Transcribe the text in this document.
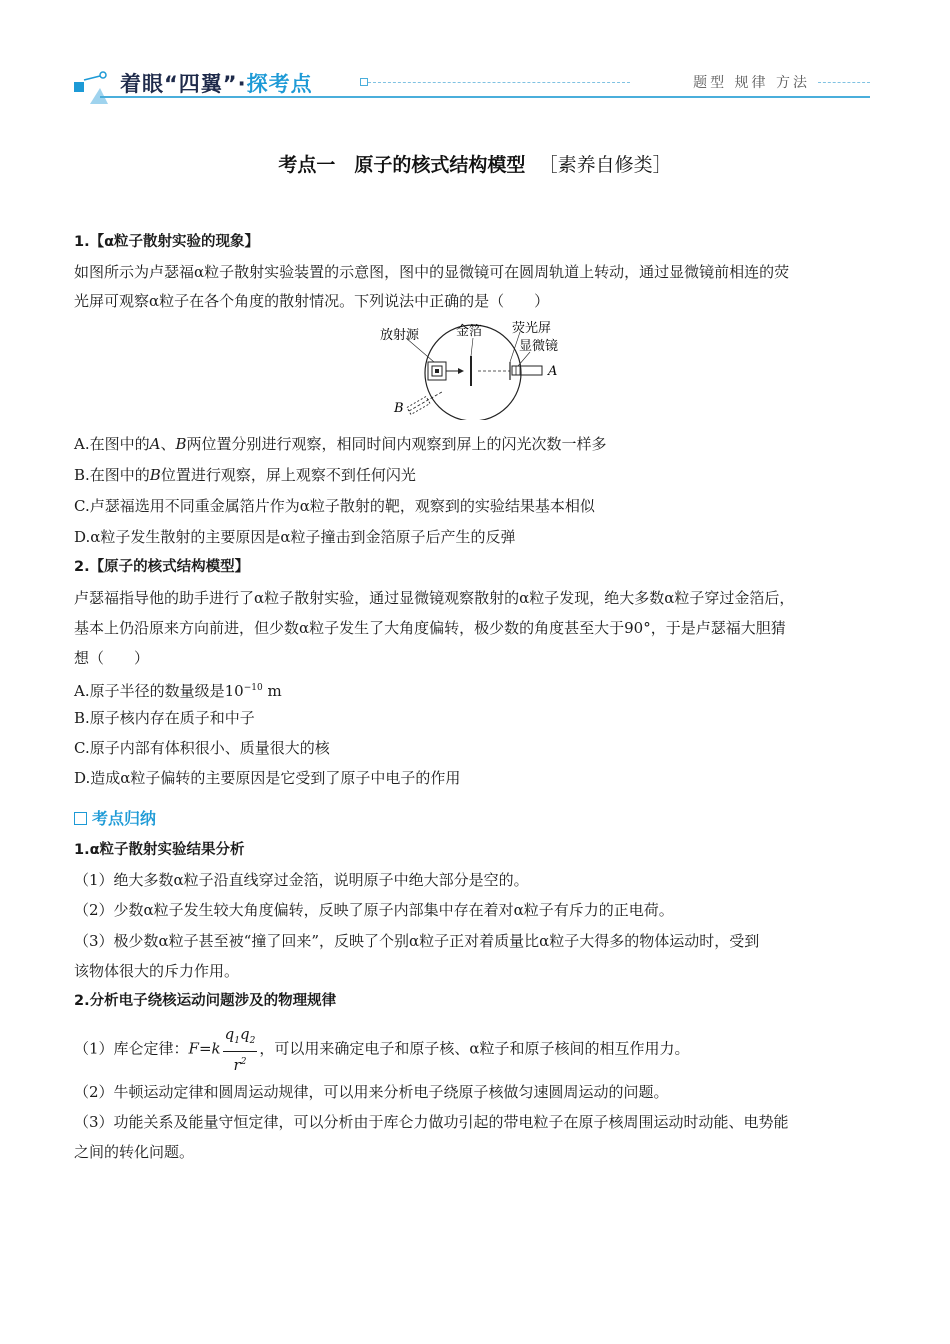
着眼“四翼”·探考点	题型 规律 方法
考点一　原子的核式结构模型 ［素养自修类］
1.【α粒子散射实验的现象】
如图所示为卢瑟福α粒子散射实验装置的示意图，图中的显微镜可在圆周轨道上转动，通过显微镜前相连的荧
光屏可观察α粒子在各个角度的散射情况。下列说法中正确的是（　　）
放射源	金箔 荧光屏
显微镜
A
B
A.在图中的A、B两位置分别进行观察，相同时间内观察到屏上的闪光次数一样多
B.在图中的B位置进行观察，屏上观察不到任何闪光
C.卢瑟福选用不同重金属箔片作为α粒子散射的靶，观察到的实验结果基本相似
D.α粒子发生散射的主要原因是α粒子撞击到金箔原子后产生的反弹
2.【原子的核式结构模型】
卢瑟福指导他的助手进行了α粒子散射实验，通过显微镜观察散射的α粒子发现，绝大多数α粒子穿过金箔后，
基本上仍沿原来方向前进，但少数α粒子发生了大角度偏转，极少数的角度甚至大于90°，于是卢瑟福大胆猜
想（　　）
A.原子半径的数量级是$10^{-10}$ m
B.原子核内存在质子和中子
C.原子内部有体积很小、质量很大的核
D.造成α粒子偏转的主要原因是它受到了原子中电子的作用
考点归纳
1.α粒子散射实验结果分析
（1）绝大多数α粒子沿直线穿过金箔，说明原子中绝大部分是空的。
（2）少数α粒子发生较大角度偏转，反映了原子内部集中存在着对α粒子有斥力的正电荷。
（3）极少数α粒子甚至被“撞了回来”，反映了个别α粒子正对着质量比α粒子大得多的物体运动时，受到
该物体很大的斥力作用。
2.分析电子绕核运动问题涉及的物理规律
（1）库仑定律：$F=k \frac{q_1q_2}{r^2}$ ，可以用来确定电子和原子核、α粒子和原子核间的相互作用力。
（2）牛顿运动定律和圆周运动规律，可以用来分析电子绕原子核做匀速圆周运动的问题。
（3）功能关系及能量守恒定律，可以分析由于库仑力做功引起的带电粒子在原子核周围运动时动能、电势能
之间的转化问题。
